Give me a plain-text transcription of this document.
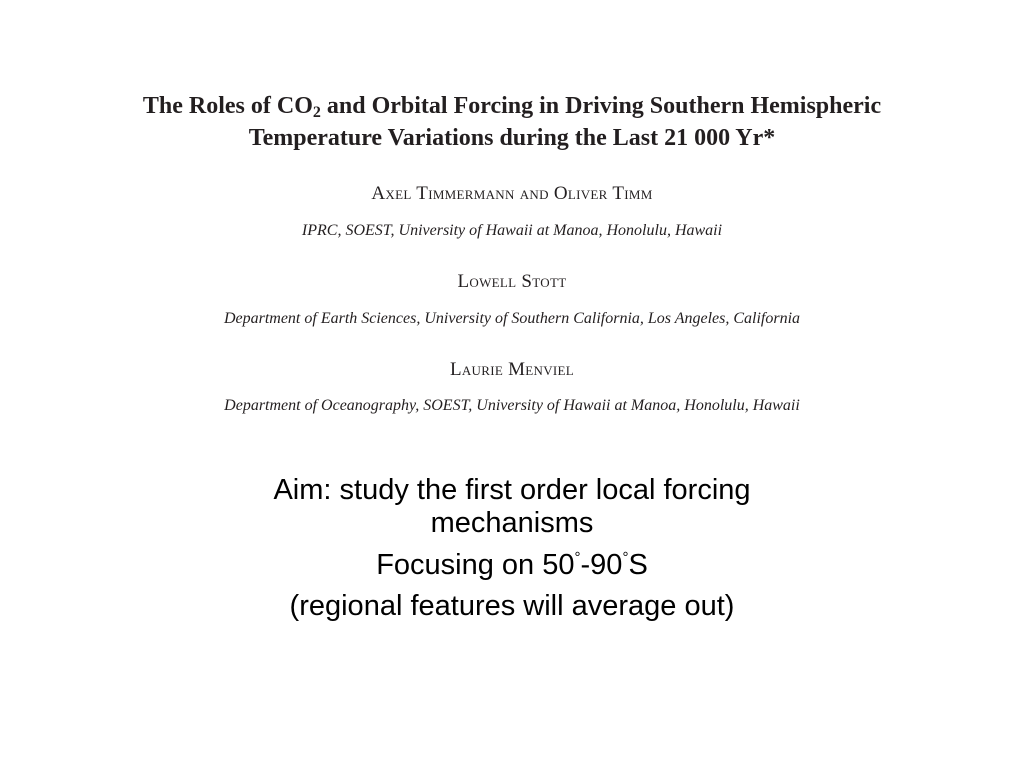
The Roles of $CO_2$ and Orbital Forcing in Driving Southern Hemispheric
Temperature Variations during the Last 21 000 Yr*
Axel Timmermann and Oliver Timm
IPRC, SOEST, University of Hawaii at Manoa, Honolulu, Hawaii
Lowell Stott
Department of Earth Sciences, University of Southern California, Los Angeles, California
Laurie Menviel
Department of Oceanography, SOEST, University of Hawaii at Manoa, Honolulu, Hawaii
Aim: study the first order local forcing mechanisms
Focusing on 50°-90°S
(regional features will average out)
